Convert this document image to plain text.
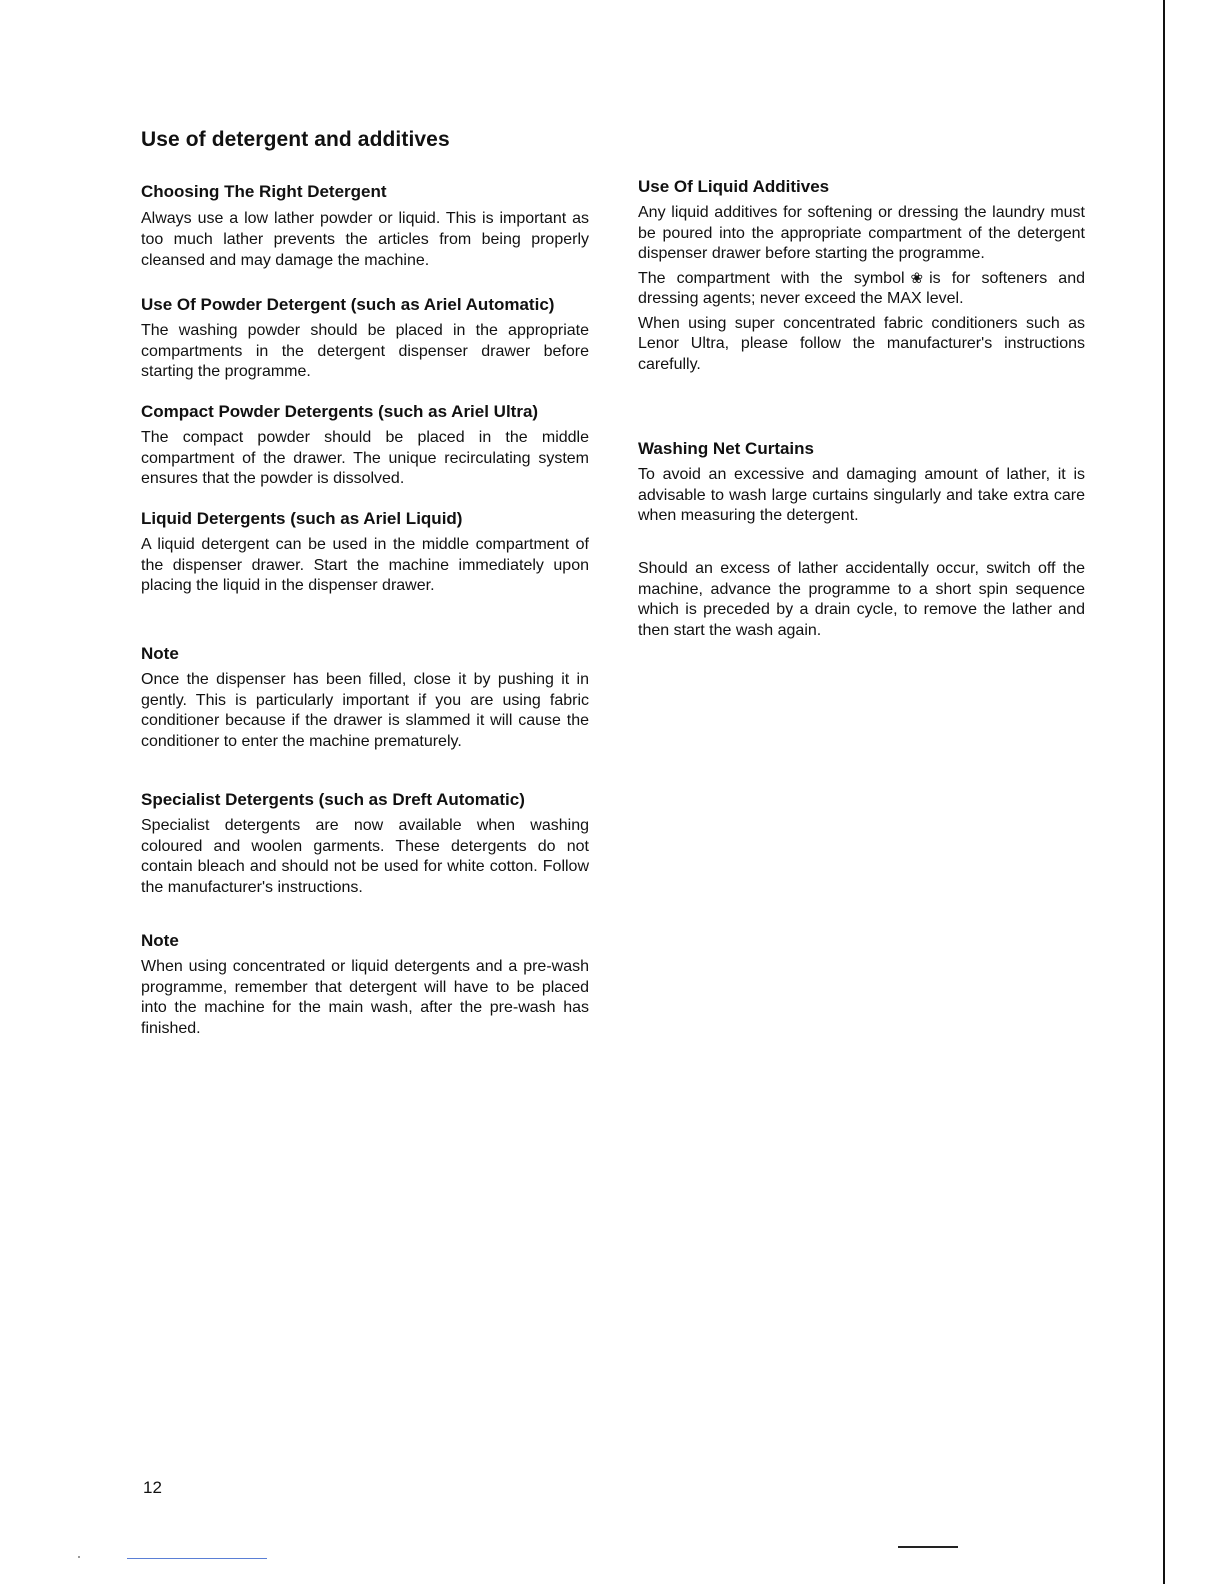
Use of detergent and additives
Choosing The Right Detergent

Always use a low lather powder or liquid. This is important as too much lather prevents the articles from being properly cleansed and may damage the machine.

Use Of Powder Detergent (such as Ariel Automatic)

The washing powder should be placed in the appropriate compartments in the detergent dispenser drawer before starting the programme.

Compact Powder Detergents (such as Ariel Ultra)

The compact powder should be placed in the middle compartment of the drawer. The unique recirculating system ensures that the powder is dissolved.

Liquid Detergents (such as Ariel Liquid)

A liquid detergent can be used in the middle compartment of the dispenser drawer. Start the machine immediately upon placing the liquid in the dispenser drawer.

Note

Once the dispenser has been filled, close it by pushing it in gently. This is particularly important if you are using fabric conditioner because if the drawer is slammed it will cause the conditioner to enter the machine prematurely.

Specialist Detergents (such as Dreft Automatic)

Specialist detergents are now available when washing coloured and woolen garments. These detergents do not contain bleach and should not be used for white cotton. Follow the manufacturer's instructions.

Note

When using concentrated or liquid detergents and a pre-wash programme, remember that detergent will have to be placed into the machine for the main wash, after the pre-wash has finished.

Use Of Liquid Additives

Any liquid additives for softening or dressing the laundry must be poured into the appropriate compartment of the detergent dispenser drawer before starting the programme.

The compartment with the symbol ❀ is for softeners and dressing agents; never exceed the MAX level.

When using super concentrated fabric conditioners such as Lenor Ultra, please follow the manufacturer's instructions carefully.

Washing Net Curtains

To avoid an excessive and damaging amount of lather, it is advisable to wash large curtains singularly and take extra care when measuring the detergent.

Should an excess of lather accidentally occur, switch off the machine, advance the programme to a short spin sequence which is preceded by a drain cycle, to remove the lather and then start the wash again.

12
